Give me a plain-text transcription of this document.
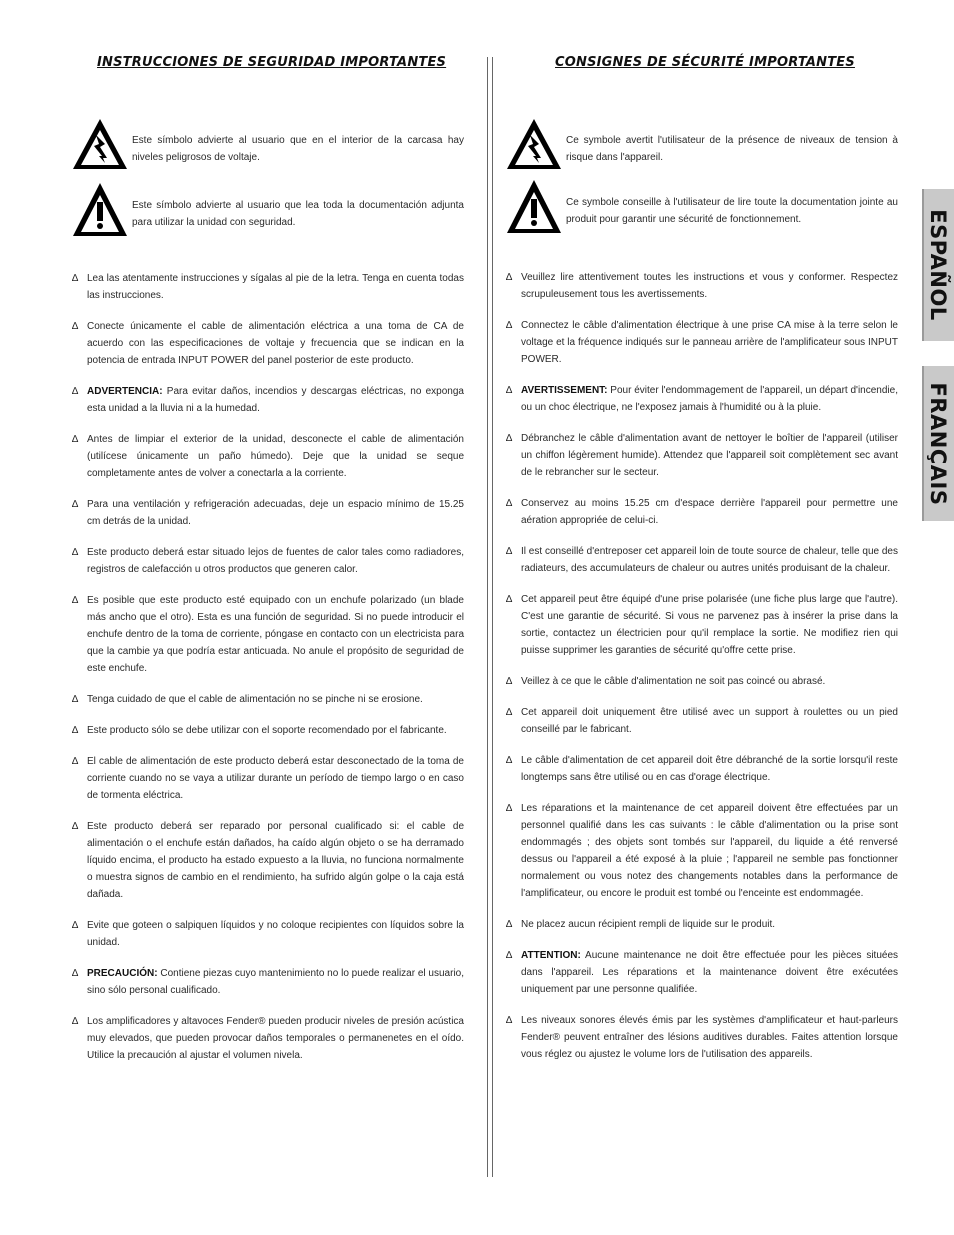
INSTRUCCIONES DE SEGURIDAD IMPORTANTES

Este símbolo advierte al usuario que en el interior de la carcasa hay niveles peligrosos de voltaje.

Este símbolo advierte al usuario que lea toda la documentación adjunta para utilizar la unidad con seguridad.

∆ Lea las atentamente instrucciones y sígalas al pie de la letra. Tenga en cuenta todas las instrucciones.
∆ Conecte únicamente el cable de alimentación eléctrica a una toma de CA de acuerdo con las especificaciones de voltaje y frecuencia que se indican en la potencia de entrada INPUT POWER del panel posterior de este producto.
∆ ADVERTENCIA: Para evitar daños, incendios y descargas eléctricas, no exponga esta unidad a la lluvia ni a la humedad.
∆ Antes de limpiar el exterior de la unidad, desconecte el cable de alimentación (utilícese únicamente un paño húmedo). Deje que la unidad se seque completamente antes de volver a conectarla a la corriente.
∆ Para una ventilación y refrigeración adecuadas, deje un espacio mínimo de 15.25 cm detrás de la unidad.
∆ Este producto deberá estar situado lejos de fuentes de calor tales como radiadores, registros de calefacción u otros productos que generen calor.
∆ Es posible que este producto esté equipado con un enchufe polarizado (un blade más ancho que el otro). Esta es una función de seguridad. Si no puede introducir el enchufe dentro de la toma de corriente, póngase en contacto con un electricista para que la cambie ya que podría estar anticuada. No anule el propósito de seguridad de este enchufe.
∆ Tenga cuidado de que el cable de alimentación no se pinche ni se erosione.
∆ Este producto sólo se debe utilizar con el soporte recomendado por el fabricante.
∆ El cable de alimentación de este producto deberá estar desconectado de la toma de corriente cuando no se vaya a utilizar durante un período de tiempo largo o en caso de tormenta eléctrica.
∆ Este producto deberá ser reparado por personal cualificado si: el cable de alimentación o el enchufe están dañados, ha caído algún objeto o se ha derramado líquido encima, el producto ha estado expuesto a la lluvia, no funciona normalmente o muestra signos de cambio en el rendimiento, ha sufrido algún golpe o la caja está dañada.
∆ Evite que goteen o salpiquen líquidos y no coloque recipientes con líquidos sobre la unidad.
∆ PRECAUCIÓN: Contiene piezas cuyo mantenimiento no lo puede realizar el usuario, sino sólo personal cualificado.
∆ Los amplificadores y altavoces Fender® pueden producir niveles de presión acústica muy elevados, que pueden provocar daños temporales o permanenetes en el oído. Utilice la precaución al ajustar el volumen nivela.
CONSIGNES DE SÉCURITÉ IMPORTANTES

Ce symbole avertit l'utilisateur de la présence de niveaux de tension à risque dans l'appareil.

Ce symbole conseille à l'utilisateur de lire toute la documentation jointe au produit pour garantir une sécurité de fonctionnement.

∆ Veuillez lire attentivement toutes les instructions et vous y conformer. Respectez scrupuleusement tous les avertissements.
∆ Connectez le câble d'alimentation électrique à une prise CA mise à la terre selon le voltage et la fréquence indiqués sur le panneau arrière de l'amplificateur sous INPUT POWER.
∆ AVERTISSEMENT: Pour éviter l'endommagement de l'appareil, un départ d'incendie, ou un choc électrique, ne l'exposez jamais à l'humidité ou à la pluie.
∆ Débranchez le câble d'alimentation avant de nettoyer le boîtier de l'appareil (utiliser un chiffon légèrement humide). Attendez que l'appareil soit complètement sec avant de le rebrancher sur le secteur.
∆ Conservez au moins 15.25 cm d'espace derrière l'appareil pour permettre une aération appropriée de celui-ci.
∆ Il est conseillé d'entreposer cet appareil loin de toute source de chaleur, telle que des radiateurs, des accumulateurs de chaleur ou autres unités produisant de la chaleur.
∆ Cet appareil peut être équipé d'une prise polarisée (une fiche plus large que l'autre). C'est une garantie de sécurité. Si vous ne parvenez pas à insérer la prise dans la sortie, contactez un électricien pour qu'il remplace la sortie. Ne modifiez rien qui puisse supprimer les garanties de sécurité qu'offre cette prise.
∆ Veillez à ce que le câble d'alimentation ne soit pas coincé ou abrasé.
∆ Cet appareil doit uniquement être utilisé avec un support à roulettes ou un pied conseillé par le fabricant.
∆ Le câble d'alimentation de cet appareil doit être débranché de la sortie lorsqu'il reste longtemps sans être utilisé ou en cas d'orage électrique.
∆ Les réparations et la maintenance de cet appareil doivent être effectuées par un personnel qualifié dans les cas suivants : le câble d'alimentation ou la prise sont endommagés ; des objets sont tombés sur l'appareil, du liquide a été renversé dessus ou l'appareil a été exposé à la pluie ; l'appareil ne semble pas fonctionner normalement ou vous notez des changements notables dans la performance de l'amplificateur, ou encore le produit est tombé ou l'enceinte est endommagée.
∆ Ne placez aucun récipient rempli de liquide sur le produit.
∆ ATTENTION: Aucune maintenance ne doit être effectuée pour les pièces situées dans l'appareil. Les réparations et la maintenance doivent être exécutées uniquement par une personne qualifiée.
∆ Les niveaux sonores élevés émis par les systèmes d'amplificateur et haut-parleurs Fender® peuvent entraîner des lésions auditives durables. Faites attention lorsque vous réglez ou ajustez le volume lors de l'utilisation des appareils.
ESPAÑOL
FRANÇAIS
